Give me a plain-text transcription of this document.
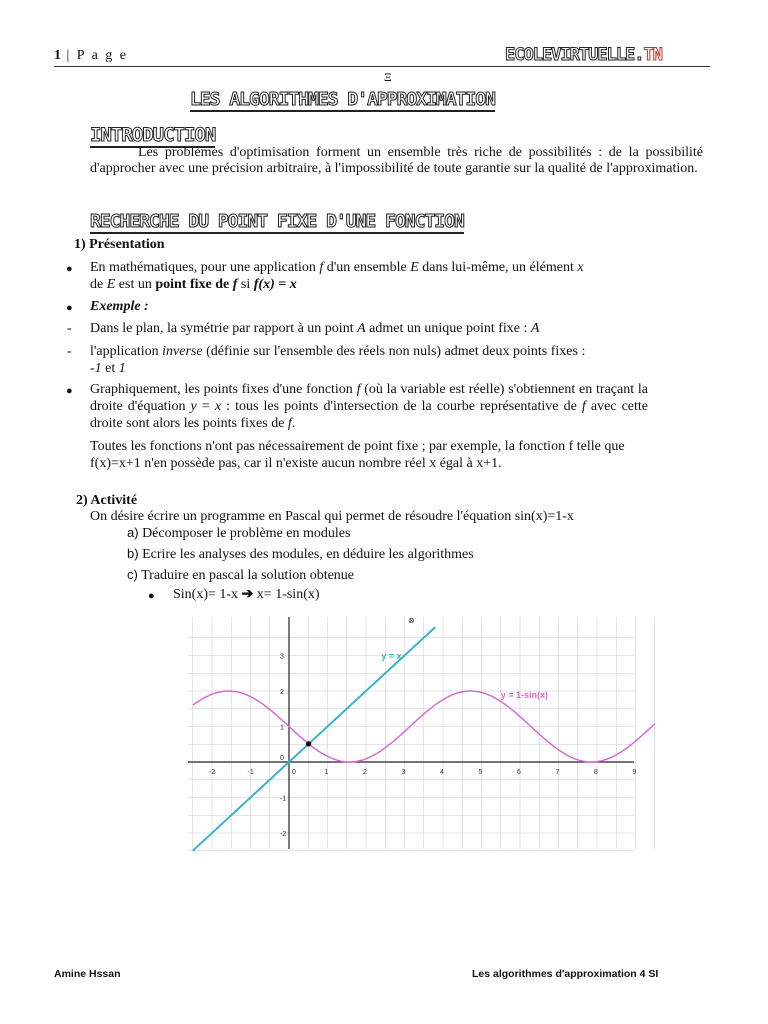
1 | P a g e	ECOLEVIRTUELLE.TN
Ξ
LES ALGORITHMES D'APPROXIMATION
INTRODUCTION
Les problèmes d'optimisation forment un ensemble très riche de possibilités : de la possibilité d'approcher avec une précision arbitraire, à l'impossibilité de toute garantie sur la qualité de l'approximation.
RECHERCHE DU POINT FIXE D'UNE FONCTION
1) Présentation
● En mathématiques, pour une application f d'un ensemble E dans lui-même, un élément x
de E est un point fixe de f si f(x) = x
● Exemple :
- Dans le plan, la symétrie par rapport à un point A admet un unique point fixe : A
- l'application inverse (définie sur l'ensemble des réels non nuls) admet deux points fixes :
-1 et 1
● Graphiquement, les points fixes d'une fonction f (où la variable est réelle) s'obtiennent en traçant la droite d'équation y = x : tous les points d'intersection de la courbe représentative de f avec cette droite sont alors les points fixes de f.
Toutes les fonctions n'ont pas nécessairement de point fixe ; par exemple, la fonction f telle que f(x)=x+1 n'en possède pas, car il n'existe aucun nombre réel x égal à x+1.
2) Activité
On désire écrire un programme en Pascal qui permet de résoudre l'équation sin(x)=1-x
a) Décomposer le problème en modules
b) Ecrire les analyses des modules, en déduire les algorithmes
c) Traduire en pascal la solution obtenue
● Sin(x)= 1-x ➔ x= 1-sin(x)
-2	-1	0	1	2	3	4	5	6	7	8	9
3
2
1
-1
-2
0
y = x
y = 1-sin(x)
⊗
Amine Hssan	Les algorithmes d'approximation 4 SI
